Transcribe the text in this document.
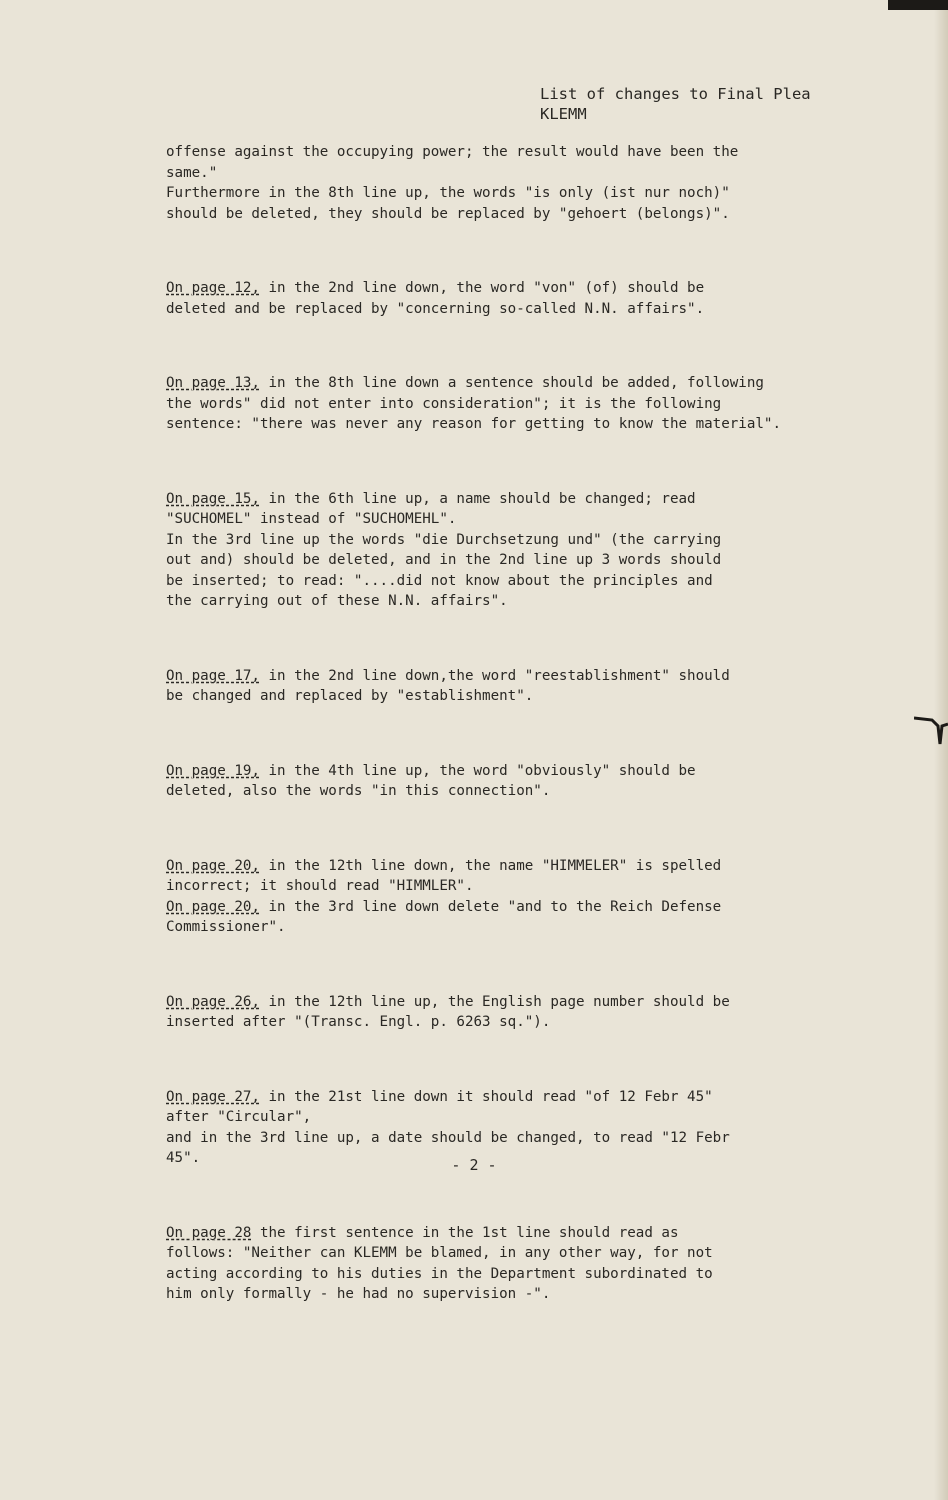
List of changes to Final Plea
KLEMM
offense against the occupying power; the result would have been the
same."
Furthermore in the 8th line up, the words "is only (ist nur noch)"
should be deleted, they should be replaced by "gehoert (belongs)".
On page 12, in the 2nd line down, the word "von" (of) should be
deleted and be replaced by "concerning so-called N.N. affairs".
On page 13, in the 8th line down a sentence should be added, following
the words" did not enter into consideration"; it is the following
sentence: "there was never any reason for getting to know the material".
On page 15, in the 6th line up, a name should be changed; read
"SUCHOMEL" instead of "SUCHOMEHL".
In the 3rd line up the words "die Durchsetzung und" (the carrying
out and) should be deleted, and in the 2nd line up 3 words should
be inserted; to read: "....did not know about the principles and
the carrying out of these N.N. affairs".
On page 17, in the 2nd line down,the word "reestablishment" should
be changed and replaced by "establishment".
On page 19, in the 4th line up, the word "obviously" should be
deleted, also the words "in this connection".
On page 20, in the 12th line down, the name "HIMMELER" is spelled
incorrect; it should read "HIMMLER".
On page 20, in the 3rd line down delete "and to the Reich Defense
Commissioner".
On page 26, in the 12th line up, the English page number should be
inserted after "(Transc. Engl. p. 6263 sq.").
On page 27, in the 21st line down it should read "of 12 Febr 45"
after "Circular",
and in the 3rd line up, a date should be changed, to read "12 Febr
45".
On page 28 the first sentence in the 1st line should read as
follows: "Neither can KLEMM be blamed, in any other way, for not
acting according to his duties in the Department subordinated to
him only formally - he had no supervision -".
- 2 -
